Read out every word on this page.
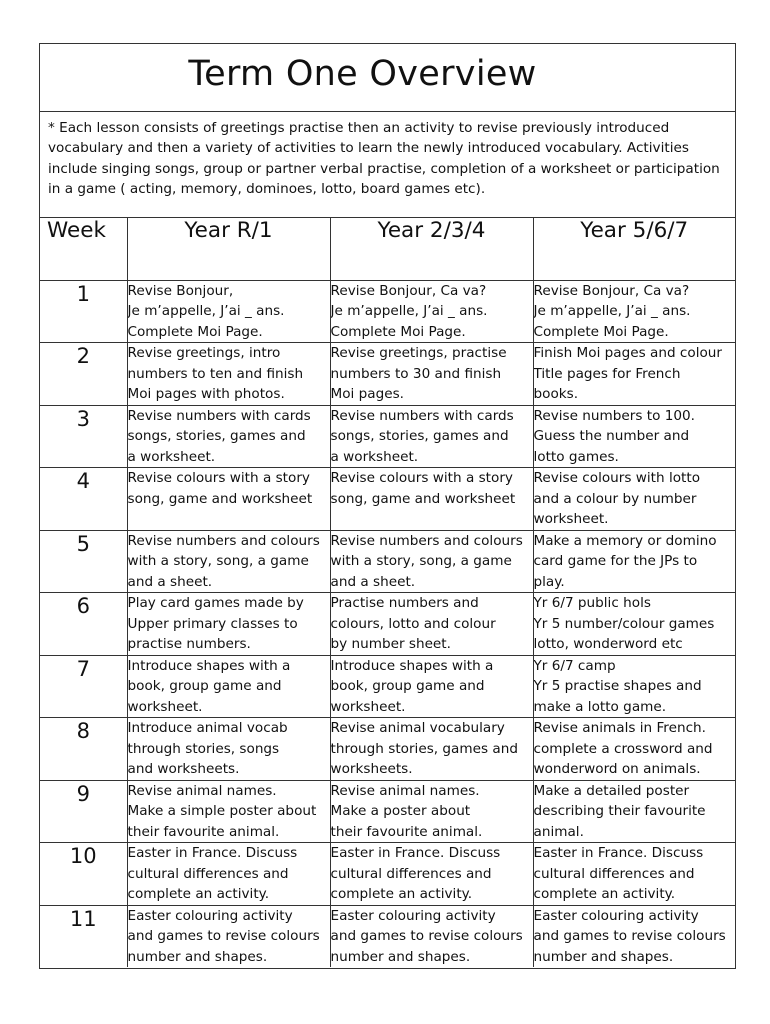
Term One Overview
* Each lesson consists of greetings practise then an activity to revise previously introduced vocabulary and then a variety of activities to learn the newly introduced vocabulary. Activities include singing songs, group or partner verbal practise, completion of a worksheet or participation in a game ( acting, memory, dominoes, lotto, board games etc).
Week	Year R/1	Year 2/3/4	Year 5/6/7
1	Revise Bonjour,
Je m’appelle, J’ai _ ans.
Complete Moi Page.	Revise Bonjour, Ca va?
Je m’appelle, J’ai _ ans.
Complete Moi Page.	Revise Bonjour, Ca va?
Je m’appelle, J’ai _ ans.
Complete Moi Page.

2	Revise greetings, intro
numbers to ten and finish
Moi pages with photos.	Revise greetings, practise
numbers to 30 and finish
Moi pages.	Finish Moi pages and colour
Title pages for French
books.

3	Revise numbers with cards
songs, stories, games and
a worksheet.	Revise numbers with cards
songs, stories, games and
a worksheet.	Revise numbers to 100.
Guess the number and
lotto games.

4	Revise colours with a story
song, game and worksheet	Revise colours with a story
song, game and worksheet	Revise colours with lotto
and a colour by number
worksheet.

5	Revise numbers and colours
with a story, song, a game
and a sheet.	Revise numbers and colours
with a story, song, a game
and a sheet.	Make a memory or domino
card game for the JPs to
play.

6	Play card games made by
Upper primary classes to
practise numbers.	Practise numbers and
colours, lotto and colour
by number sheet.	Yr 6/7 public hols
Yr 5 number/colour games
lotto, wonderword etc

7	Introduce shapes with a
book, group game and
worksheet.	Introduce shapes with a
book, group game and
worksheet.	Yr 6/7 camp
Yr 5 practise shapes and
make a lotto game.

8	Introduce animal vocab
through stories, songs
and worksheets.	Revise animal vocabulary
through stories, games and
worksheets.	Revise animals in French.
complete a crossword and
wonderword on animals.

9	Revise animal names.
Make a simple poster about
their favourite animal.	Revise animal names.
Make a poster about
their favourite animal.	Make a detailed poster
describing their favourite
animal.

10	Easter in France. Discuss
cultural differences and
complete an activity.	Easter in France. Discuss
cultural differences and
complete an activity.	Easter in France. Discuss
cultural differences and
complete an activity.

11	Easter colouring activity
and games to revise colours
number and shapes.	Easter colouring activity
and games to revise colours
number and shapes.	Easter colouring activity
and games to revise colours
number and shapes.
